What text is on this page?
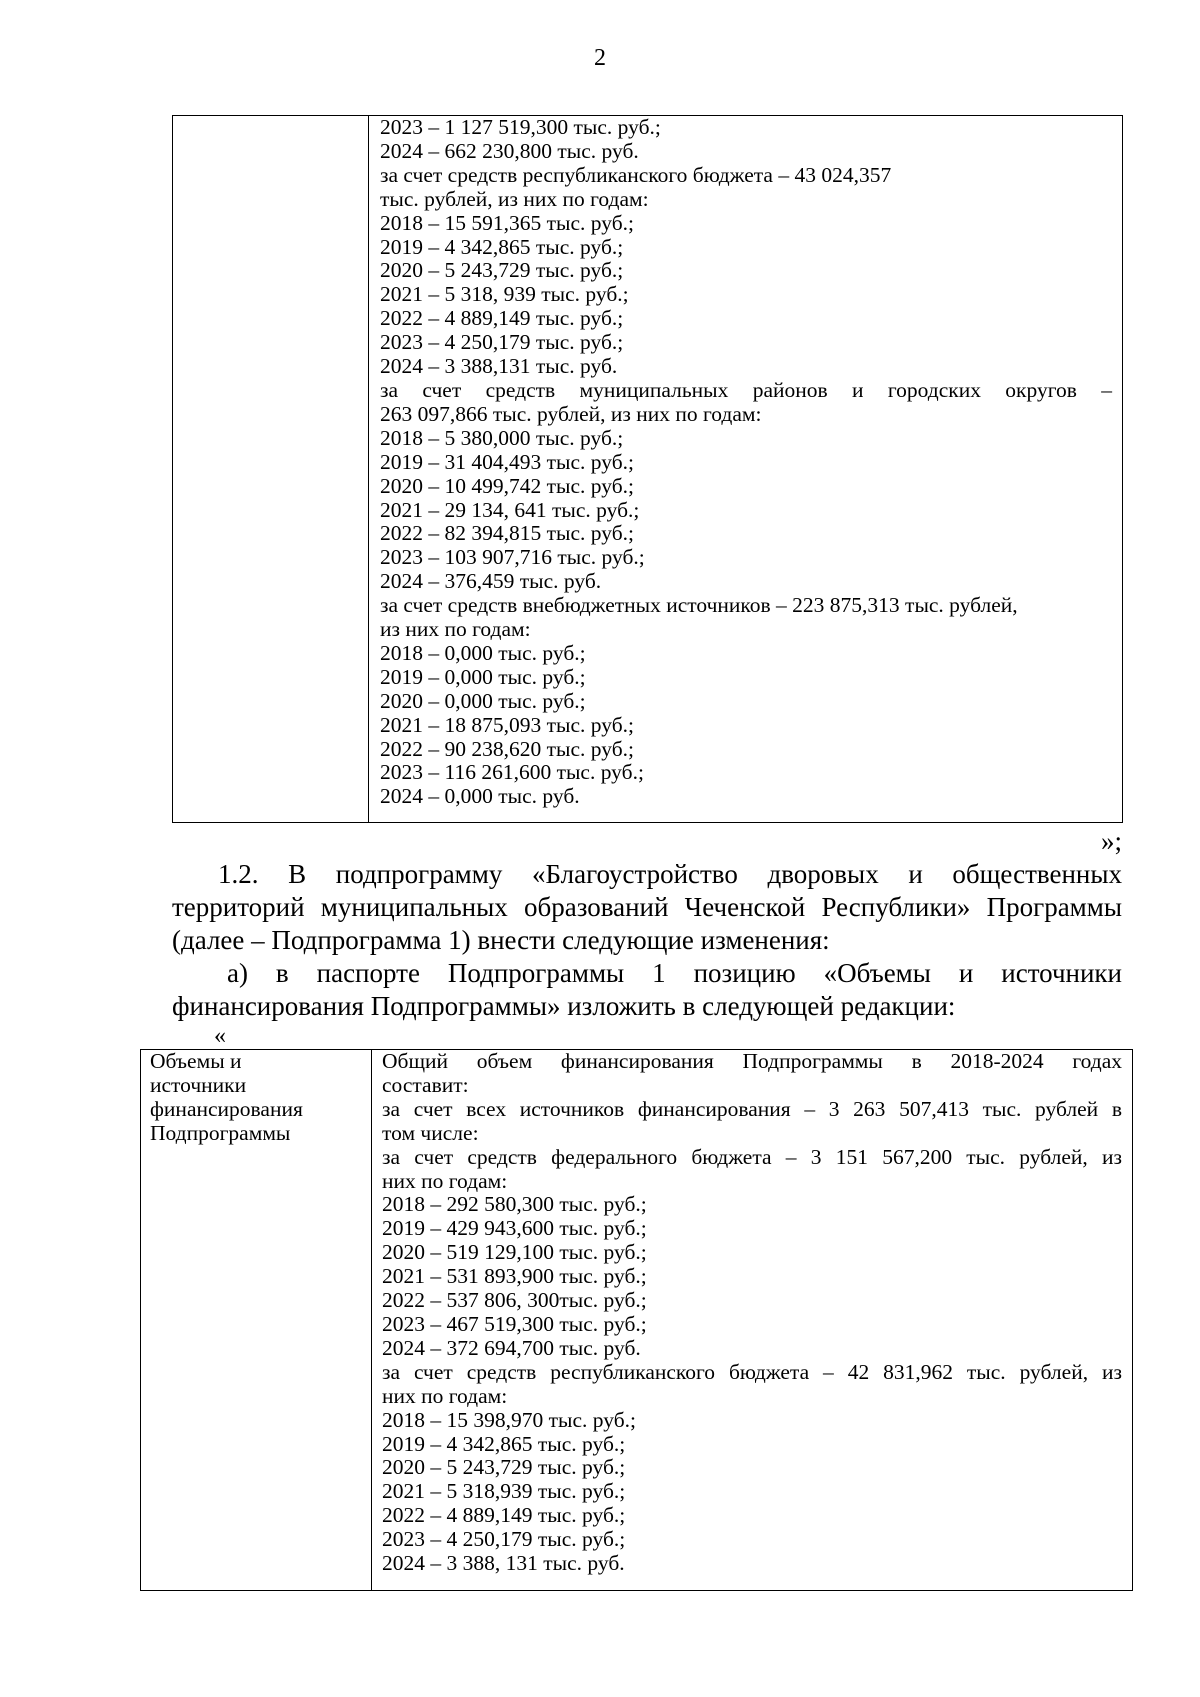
2
2023 – 1 127 519,300 тыс. руб.;
2024 – 662 230,800 тыс. руб.
за счет средств республиканского бюджета – 43 024,357
тыс. рублей, из них по годам:
2018 – 15 591,365 тыс. руб.;
2019 – 4 342,865 тыс. руб.;
2020 – 5 243,729 тыс. руб.;
2021 – 5 318, 939 тыс. руб.;
2022 – 4 889,149 тыс. руб.;
2023 – 4 250,179 тыс. руб.;
2024 – 3 388,131 тыс. руб.
за счет средств муниципальных районов и городских округов –
263 097,866 тыс. рублей, из них по годам:
2018 – 5 380,000 тыс. руб.;
2019 – 31 404,493 тыс. руб.;
2020 – 10 499,742 тыс. руб.;
2021 – 29 134, 641 тыс. руб.;
2022 – 82 394,815 тыс. руб.;
2023 – 103 907,716 тыс. руб.;
2024 – 376,459 тыс. руб.
за счет средств внебюджетных источников – 223 875,313 тыс. рублей,
из них по годам:
2018 – 0,000 тыс. руб.;
2019 – 0,000 тыс. руб.;
2020 – 0,000 тыс. руб.;
2021 – 18 875,093 тыс. руб.;
2022 – 90 238,620 тыс. руб.;
2023 – 116 261,600 тыс. руб.;
2024 – 0,000 тыс. руб.
»;
1.2. В подпрограмму «Благоустройство дворовых и общественных
территорий муниципальных образований Чеченской Республики» Программы
(далее – Подпрограмма 1) внести следующие изменения:
а) в паспорте Подпрограммы 1 позицию «Объемы и источники
финансирования Подпрограммы» изложить в следующей редакции:
«
Объемы и
источники
финансирования
Подпрограммы
Общий объем финансирования Подпрограммы в 2018-2024 годах
составит:
за счет всех источников финансирования – 3 263 507,413 тыс. рублей в
том числе:
за счет средств федерального бюджета – 3 151 567,200 тыс. рублей, из
них по годам:
2018 – 292 580,300 тыс. руб.;
2019 – 429 943,600 тыс. руб.;
2020 – 519 129,100 тыс. руб.;
2021 – 531 893,900 тыс. руб.;
2022 – 537 806, 300тыс. руб.;
2023 – 467 519,300 тыс. руб.;
2024 – 372 694,700 тыс. руб.
за счет средств республиканского бюджета – 42 831,962 тыс. рублей, из
них по годам:
2018 – 15 398,970 тыс. руб.;
2019 – 4 342,865 тыс. руб.;
2020 – 5 243,729 тыс. руб.;
2021 – 5 318,939 тыс. руб.;
2022 – 4 889,149 тыс. руб.;
2023 – 4 250,179 тыс. руб.;
2024 – 3 388, 131 тыс. руб.
